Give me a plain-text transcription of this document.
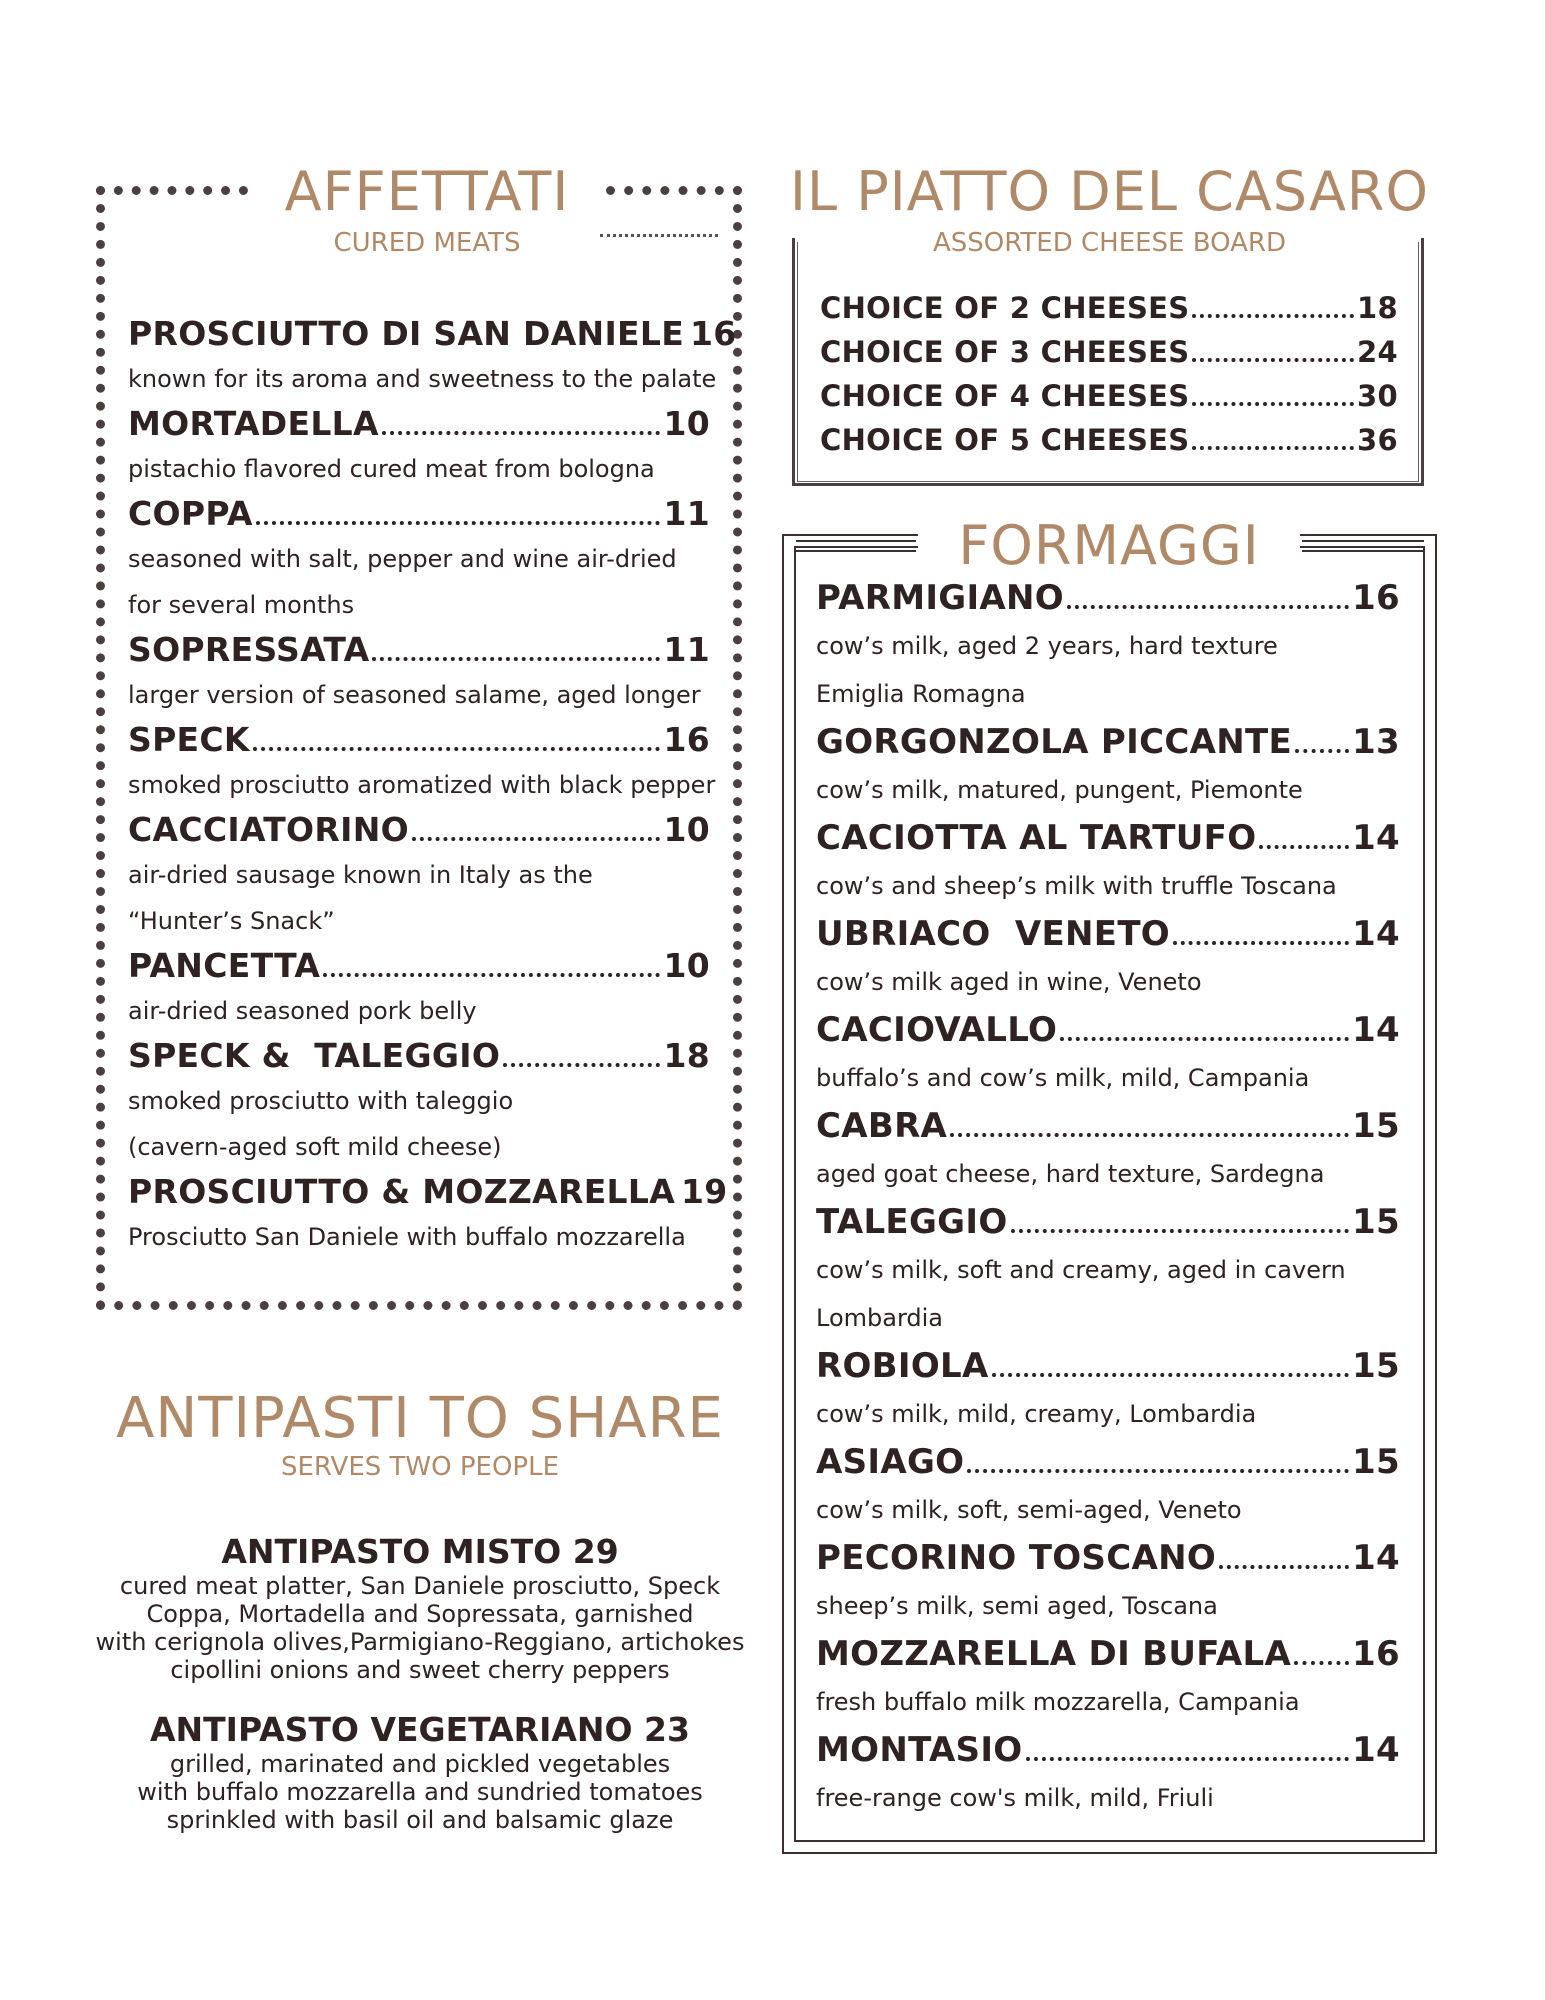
AFFETTATI
CURED MEATS
PROSCIUTTO DI SAN DANIELE 16
known for its aroma and sweetness to the palate
MORTADELLA	10
pistachio flavored cured meat from bologna
COPPA	11
seasoned with salt, pepper and wine air-dried
for several months
SOPRESSATA	11
larger version of seasoned salame, aged longer
SPECK	16
smoked prosciutto aromatized with black pepper
CACCIATORINO	10
air-dried sausage known in Italy as the
“Hunter’s Snack”
PANCETTA	10
air-dried seasoned pork belly
SPECK &  TALEGGIO	18
smoked prosciutto with taleggio
(cavern-aged soft mild cheese)
PROSCIUTTO & MOZZARELLA 19
Prosciutto San Daniele with buffalo mozzarella
IL PIATTO DEL CASARO
ASSORTED CHEESE BOARD
CHOICE OF 2 CHEESES	18
CHOICE OF 3 CHEESES	24
CHOICE OF 4 CHEESES	30
CHOICE OF 5 CHEESES	36
FORMAGGI
PARMIGIANO	16
cow’s milk, aged 2 years, hard texture
Emiglia Romagna
GORGONZOLA PICCANTE 13
cow’s milk, matured, pungent, Piemonte
CACIOTTA AL TARTUFO	14
cow’s and sheep’s milk with truffle Toscana
UBRIACO  VENETO	14
cow’s milk aged in wine, Veneto
CACIOVALLO	14
buffalo’s and cow’s milk, mild, Campania
CABRA	15
aged goat cheese, hard texture, Sardegna
TALEGGIO	15
cow’s milk, soft and creamy, aged in cavern
Lombardia
ROBIOLA	15
cow’s milk, mild, creamy, Lombardia
ASIAGO	15
cow’s milk, soft, semi-aged, Veneto
PECORINO TOSCANO	14
sheep’s milk, semi aged, Toscana
MOZZARELLA DI BUFALA 16
fresh buffalo milk mozzarella, Campania
MONTASIO	14
free-range cow's milk, mild, Friuli
ANTIPASTI TO SHARE
SERVES TWO PEOPLE
ANTIPASTO MISTO 29
cured meat platter, San Daniele prosciutto, Speck
Coppa, Mortadella and Sopressata, garnished
with cerignola olives,Parmigiano-Reggiano, artichokes
cipollini onions and sweet cherry peppers
ANTIPASTO VEGETARIANO 23
grilled, marinated and pickled vegetables
with buffalo mozzarella and sundried tomatoes
sprinkled with basil oil and balsamic glaze
